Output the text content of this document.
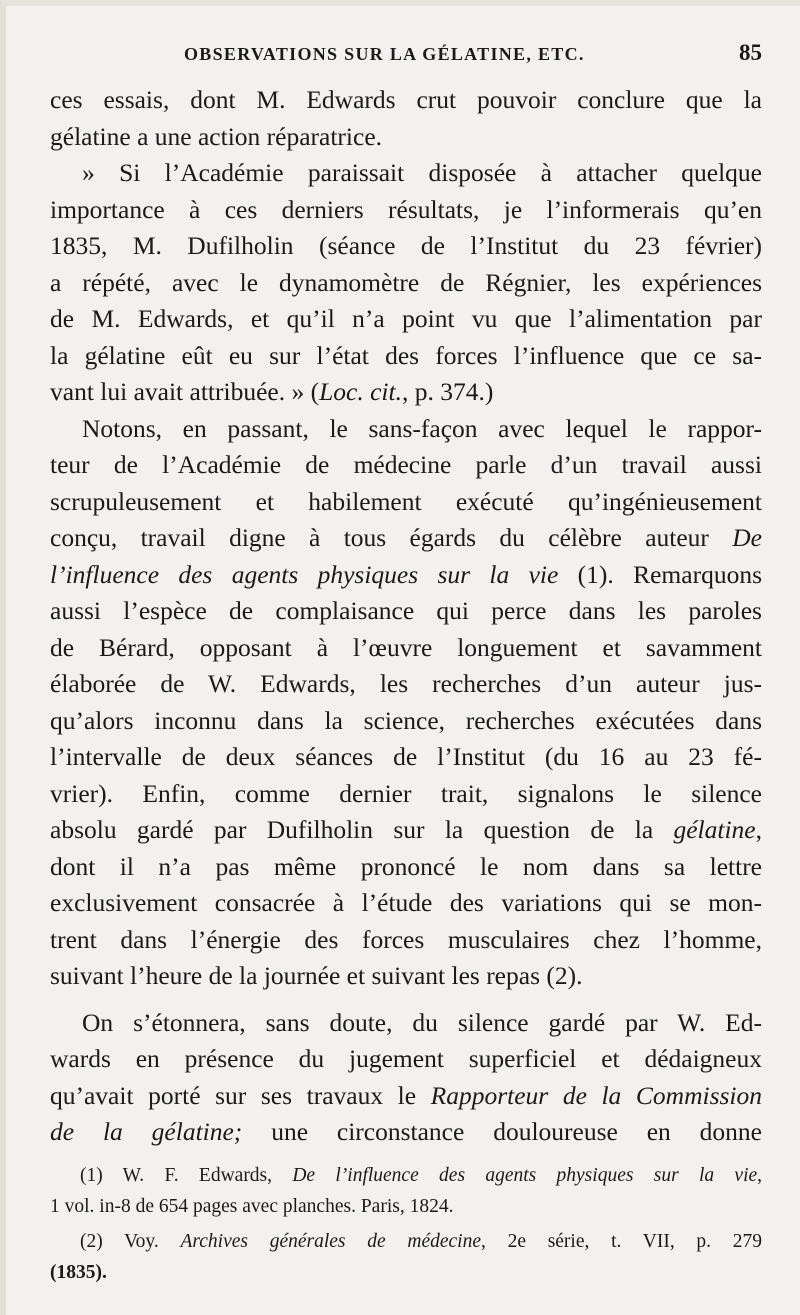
OBSERVATIONS SUR LA GÉLATINE, ETC.	85

ces essais, dont M. Edwards crut pouvoir conclure que la
gélatine a une action réparatrice.

» Si l’Académie paraissait disposée à attacher quelque
importance à ces derniers résultats, je l’informerais qu’en
1835, M. Dufilholin (séance de l’Institut du 23 février)
a répété, avec le dynamomètre de Régnier, les expériences
de M. Edwards, et qu’il n’a point vu que l’alimentation par
la gélatine eût eu sur l’état des forces l’influence que ce sa-
vant lui avait attribuée. » (Loc. cit., p. 374.)

Notons, en passant, le sans-façon avec lequel le rappor-
teur de l’Académie de médecine parle d’un travail aussi
scrupuleusement et habilement exécuté qu’ingénieusement
conçu, travail digne à tous égards du célèbre auteur De
l’influence des agents physiques sur la vie (1). Remarquons
aussi l’espèce de complaisance qui perce dans les paroles
de Bérard, opposant à l’œuvre longuement et savamment
élaborée de W. Edwards, les recherches d’un auteur jus-
qu’alors inconnu dans la science, recherches exécutées dans
l’intervalle de deux séances de l’Institut (du 16 au 23 fé-
vrier). Enfin, comme dernier trait, signalons le silence
absolu gardé par Dufilholin sur la question de la gélatine,
dont il n’a pas même prononcé le nom dans sa lettre
exclusivement consacrée à l’étude des variations qui se mon-
trent dans l’énergie des forces musculaires chez l’homme,
suivant l’heure de la journée et suivant les repas (2).

On s’étonnera, sans doute, du silence gardé par W. Ed-
wards en présence du jugement superficiel et dédaigneux
qu’avait porté sur ses travaux le Rapporteur de la Commission
de la gélatine; une circonstance douloureuse en donne

(1) W. F. Edwards, De l’influence des agents physiques sur la vie,
1 vol. in-8 de 654 pages avec planches. Paris, 1824.

(2) Voy. Archives générales de médecine, 2e série, t. VII, p. 279
(1835).
